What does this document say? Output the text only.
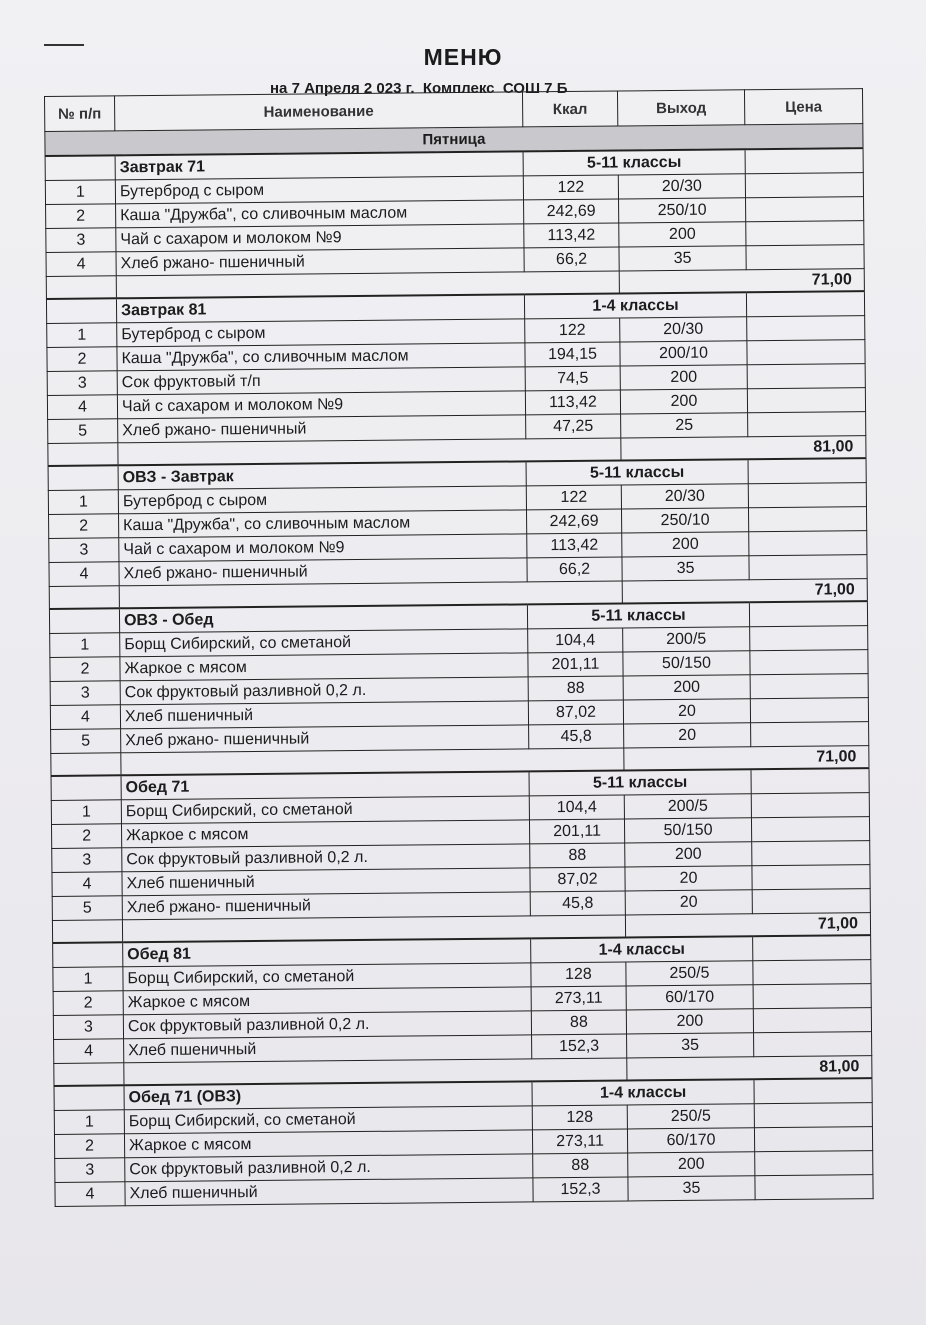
МЕНЮ
на 7 Апреля 2 023 г.  Комплекс  СОШ 7 Б
№ п/п	Наименование	Ккал	Выход	Цена
Пятница				
	Завтрак 71	5-11 классы		
1	Бутерброд с сыром	122	20/30	
2	Каша "Дружба", со сливочным маслом	242,69	250/10	
3	Чай с сахаром и молоком №9	113,42	200	
4	Хлеб ржано- пшеничный	66,2	35	
			71,00	
	Завтрак 81	1-4 классы		
1	Бутерброд с сыром	122	20/30	
2	Каша "Дружба", со сливочным маслом	194,15	200/10	
3	Сок фруктовый т/п	74,5	200	
4	Чай с сахаром и молоком №9	113,42	200	
5	Хлеб ржано- пшеничный	47,25	25	
			81,00	
	ОВЗ - Завтрак	5-11 классы		
1	Бутерброд с сыром	122	20/30	
2	Каша "Дружба", со сливочным маслом	242,69	250/10	
3	Чай с сахаром и молоком №9	113,42	200	
4	Хлеб ржано- пшеничный	66,2	35	
			71,00	
	ОВЗ - Обед	5-11 классы		
1	Борщ Сибирский, со сметаной	104,4	200/5	
2	Жаркое с мясом	201,11	50/150	
3	Сок фруктовый разливной 0,2 л.	88	200	
4	Хлеб пшеничный	87,02	20	
5	Хлеб ржано- пшеничный	45,8	20	
			71,00	
	Обед 71	5-11 классы		
1	Борщ Сибирский, со сметаной	104,4	200/5	
2	Жаркое с мясом	201,11	50/150	
3	Сок фруктовый разливной 0,2 л.	88	200	
4	Хлеб пшеничный	87,02	20	
5	Хлеб ржано- пшеничный	45,8	20	
			71,00	
	Обед 81	1-4 классы		
1	Борщ Сибирский, со сметаной	128	250/5	
2	Жаркое с мясом	273,11	60/170	
3	Сок фруктовый разливной 0,2 л.	88	200	
4	Хлеб пшеничный	152,3	35	
			81,00	
	Обед 71 (ОВЗ)	1-4 классы		
1	Борщ Сибирский, со сметаной	128	250/5	
2	Жаркое с мясом	273,11	60/170	
3	Сок фруктовый разливной 0,2 л.	88	200	
4	Хлеб пшеничный	152,3	35	
